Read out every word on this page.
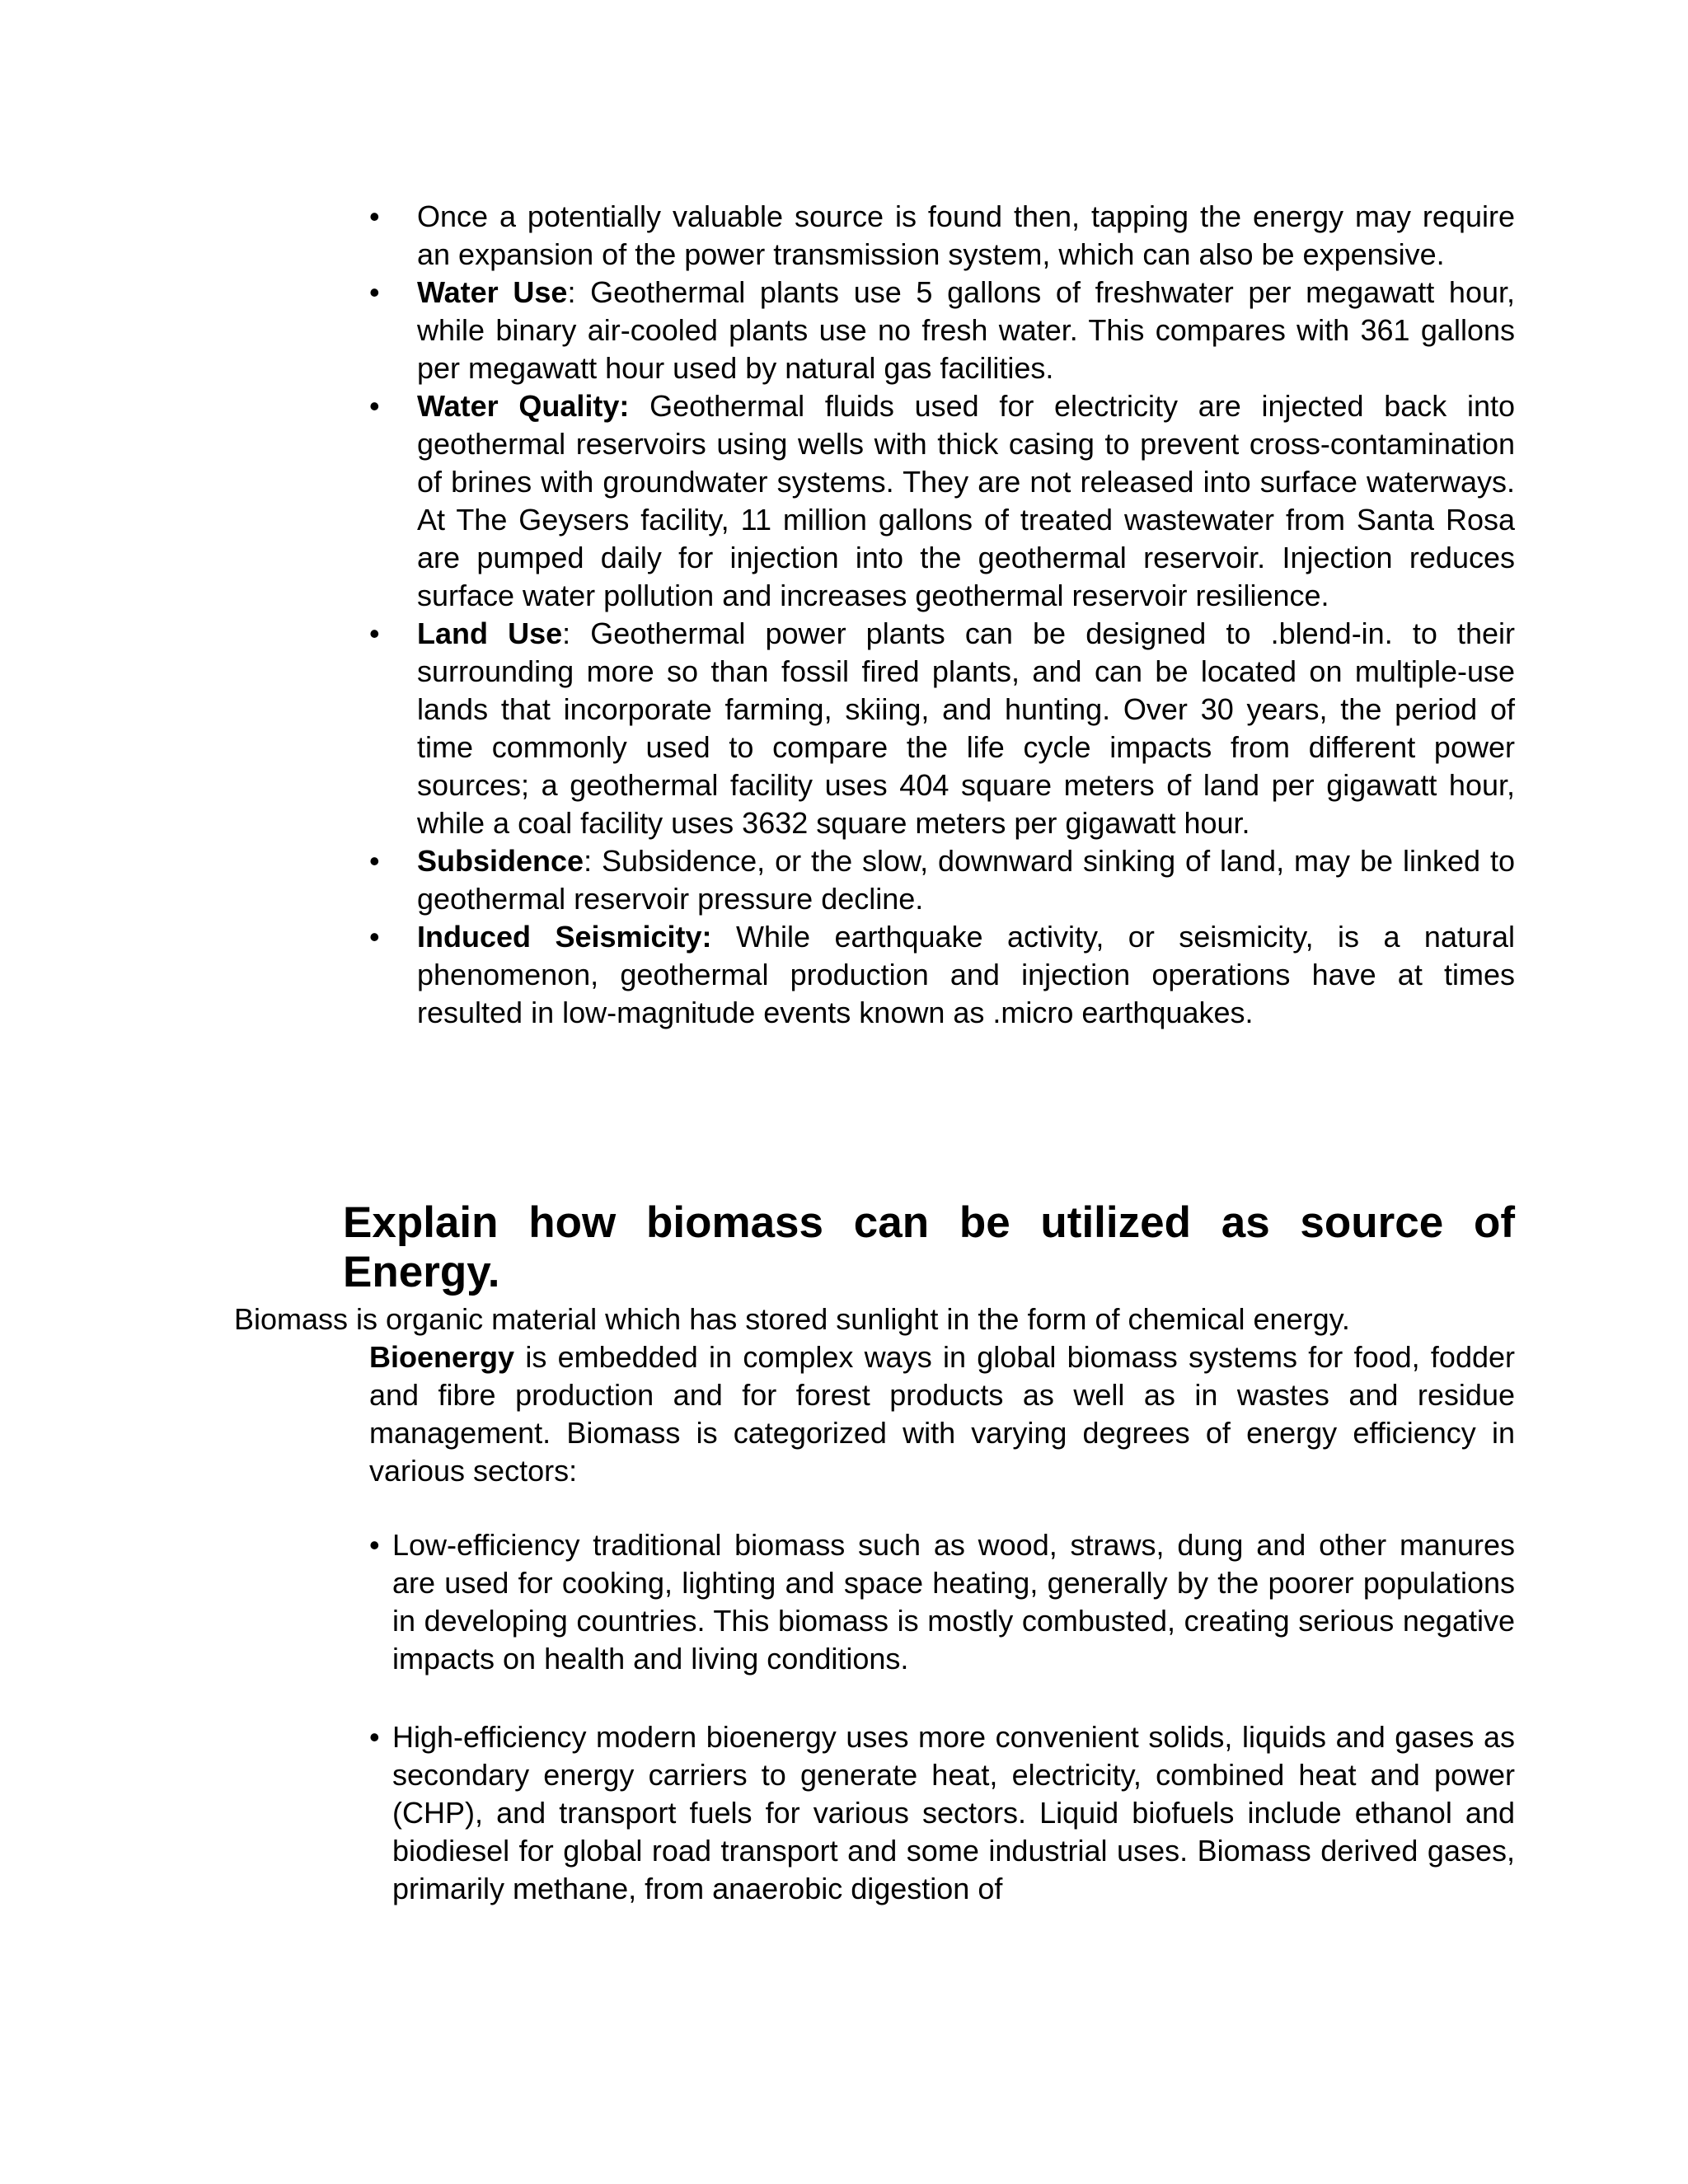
•	Once a potentially valuable source is found then, tapping the energy may require an expansion of the power transmission system, which can also be expensive.
•	Water Use: Geothermal plants use 5 gallons of freshwater per megawatt hour, while binary air-cooled plants use no fresh water. This compares with 361 gallons per megawatt hour used by natural gas facilities.
•	Water Quality: Geothermal fluids used for electricity are injected back into geothermal reservoirs using wells with thick casing to prevent cross-contamination of brines with groundwater systems. They are not released into surface waterways. At The Geysers facility, 11 million gallons of treated wastewater from Santa Rosa are pumped daily for injection into the geothermal reservoir. Injection reduces surface water pollution and increases geothermal reservoir resilience.
•	Land Use: Geothermal power plants can be designed to .blend-in. to their surrounding more so than fossil fired plants, and can be located on multiple-use lands that incorporate farming, skiing, and hunting. Over 30 years, the period of time commonly used to compare the life cycle impacts from different power sources; a geothermal facility uses 404 square meters of land per gigawatt hour, while a coal facility uses 3632 square meters per gigawatt hour.
•	Subsidence: Subsidence, or the slow, downward sinking of land, may be linked to geothermal reservoir pressure decline.
•	Induced Seismicity: While earthquake activity, or seismicity, is a natural phenomenon, geothermal production and injection operations have at times resulted in low-magnitude events known as .micro earthquakes.
Explain how biomass can be utilized as source of Energy.

Biomass is organic material which has stored sunlight in the form of chemical energy.

Bioenergy is embedded in complex ways in global biomass systems for food, fodder and fibre production and for forest products as well as in wastes and residue management. Biomass is categorized with varying degrees of energy efficiency in various sectors:

• Low-efficiency traditional biomass such as wood, straws, dung and other manures are used for cooking, lighting and space heating, generally by the poorer populations in developing countries. This biomass is mostly combusted, creating serious negative impacts on health and living conditions.
• High-efficiency modern bioenergy uses more convenient solids, liquids and gases as secondary energy carriers to generate heat, electricity, combined heat and power (CHP), and transport fuels for various sectors. Liquid biofuels include ethanol and biodiesel for global road transport and some industrial uses. Biomass derived gases, primarily methane, from anaerobic digestion of
